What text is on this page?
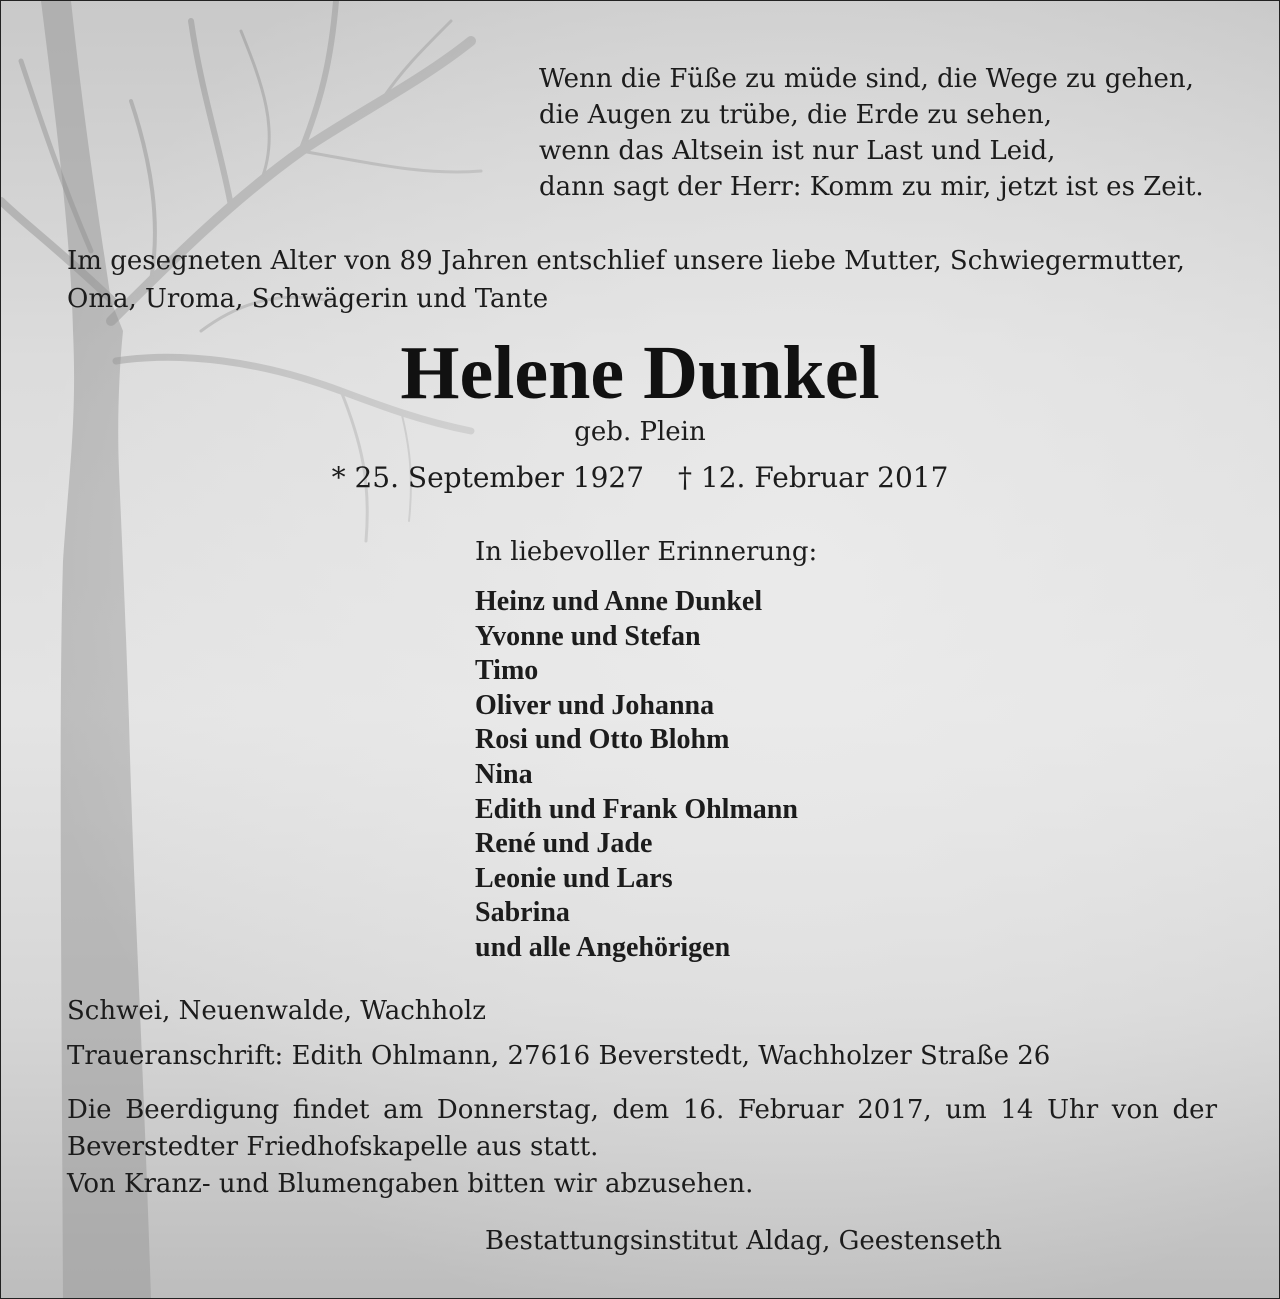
Wenn die Füße zu müde sind, die Wege zu gehen,
die Augen zu trübe, die Erde zu sehen,
wenn das Altsein ist nur Last und Leid,
dann sagt der Herr: Komm zu mir, jetzt ist es Zeit.

Im gesegneten Alter von 89 Jahren entschlief unsere liebe Mutter, Schwiegermutter, Oma, Uroma, Schwägerin und Tante

Helene Dunkel
geb. Plein
* 25. September 1927 † 12. Februar 2017
In liebevoller Erinnerung:
Heinz und Anne Dunkel
Yvonne und Stefan
Timo
Oliver und Johanna
Rosi und Otto Blohm
Nina
Edith und Frank Ohlmann
René und Jade
Leonie und Lars
Sabrina
und alle Angehörigen
Schwei, Neuenwalde, Wachholz
Traueranschrift: Edith Ohlmann, 27616 Beverstedt, Wachholzer Straße 26
Die Beerdigung findet am Donnerstag, dem 16. Februar 2017, um 14 Uhr von der
Beverstedter Friedhofskapelle aus statt.
Von Kranz- und Blumengaben bitten wir abzusehen.
Bestattungsinstitut Aldag, Geestenseth
